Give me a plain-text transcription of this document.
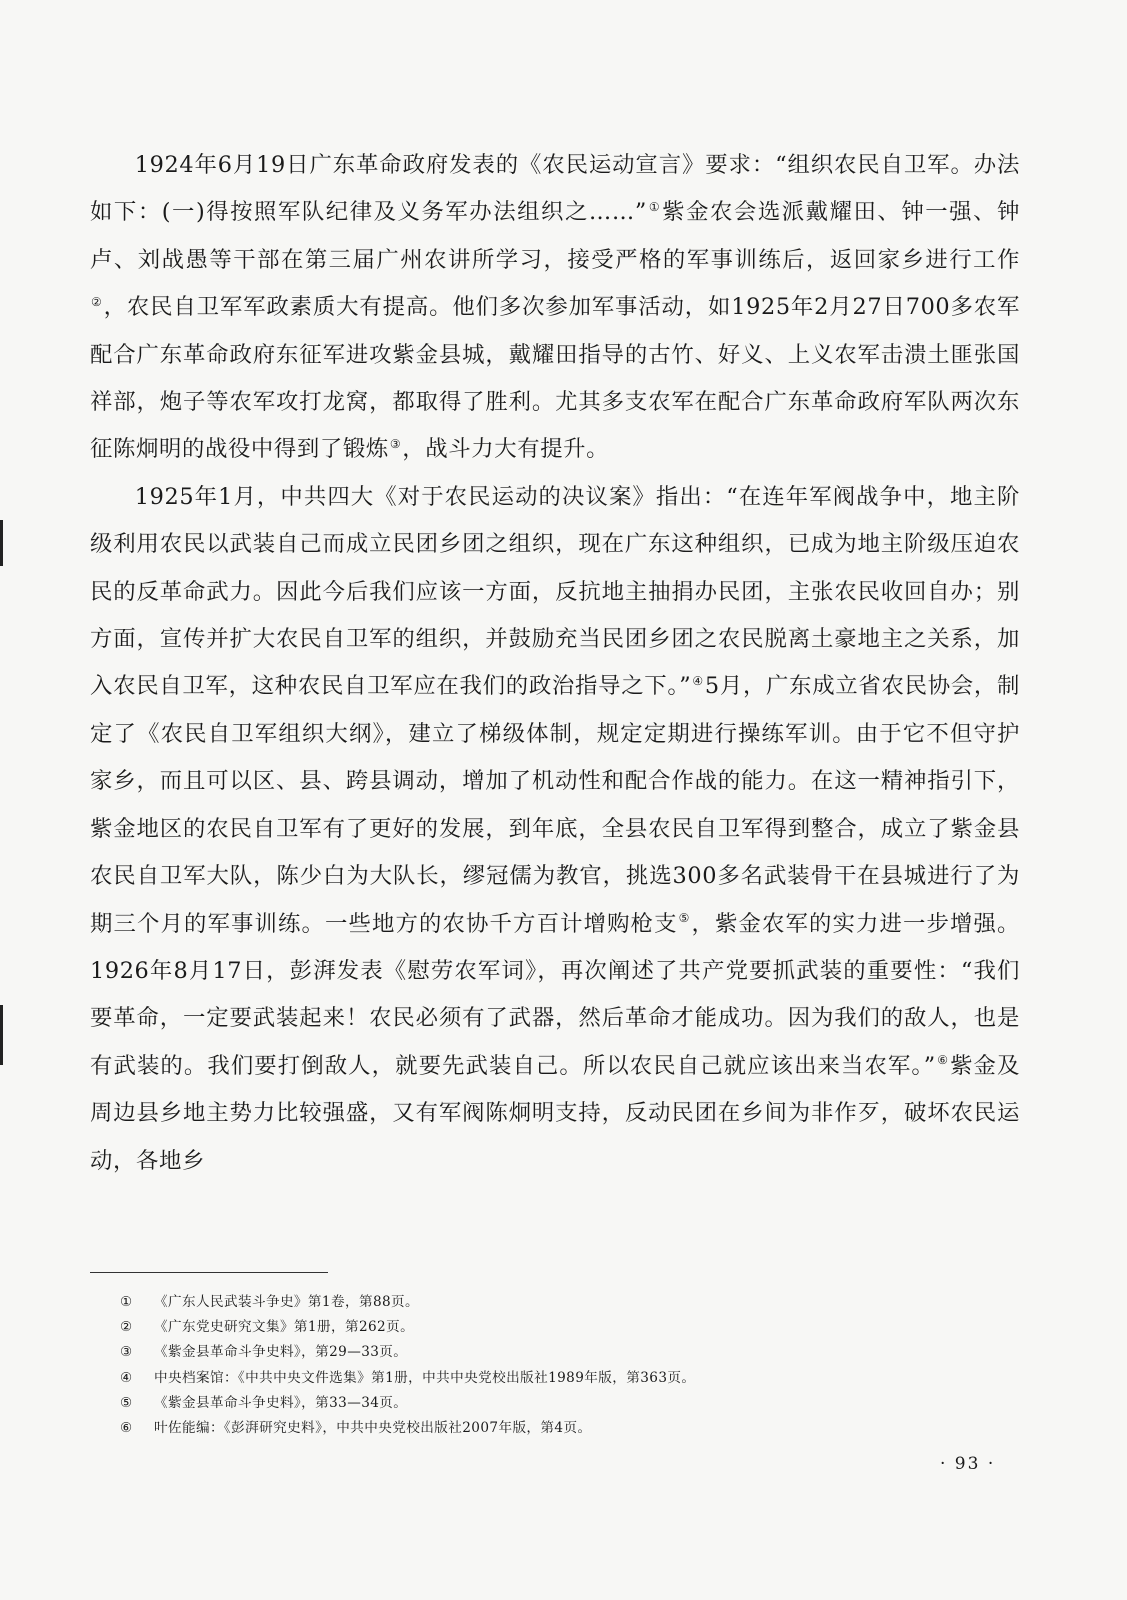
1924年6月19日广东革命政府发表的《农民运动宣言》要求：“组织农民自卫军。办法如下：(一)得按照军队纪律及义务军办法组织之……”①紫金农会选派戴耀田、钟一强、钟卢、刘战愚等干部在第三届广州农讲所学习，接受严格的军事训练后，返回家乡进行工作②，农民自卫军军政素质大有提高。他们多次参加军事活动，如1925年2月27日700多农军配合广东革命政府东征军进攻紫金县城，戴耀田指导的古竹、好义、上义农军击溃土匪张国祥部，炮子等农军攻打龙窝，都取得了胜利。尤其多支农军在配合广东革命政府军队两次东征陈炯明的战役中得到了锻炼③，战斗力大有提升。

1925年1月，中共四大《对于农民运动的决议案》指出：“在连年军阀战争中，地主阶级利用农民以武装自己而成立民团乡团之组织，现在广东这种组织，已成为地主阶级压迫农民的反革命武力。因此今后我们应该一方面，反抗地主抽捐办民团，主张农民收回自办；别方面，宣传并扩大农民自卫军的组织，并鼓励充当民团乡团之农民脱离土豪地主之关系，加入农民自卫军，这种农民自卫军应在我们的政治指导之下。”④5月，广东成立省农民协会，制定了《农民自卫军组织大纲》，建立了梯级体制，规定定期进行操练军训。由于它不但守护家乡，而且可以区、县、跨县调动，增加了机动性和配合作战的能力。在这一精神指引下，紫金地区的农民自卫军有了更好的发展，到年底，全县农民自卫军得到整合，成立了紫金县农民自卫军大队，陈少白为大队长，缪冠儒为教官，挑选300多名武装骨干在县城进行了为期三个月的军事训练。一些地方的农协千方百计增购枪支⑤，紫金农军的实力进一步增强。1926年8月17日，彭湃发表《慰劳农军词》，再次阐述了共产党要抓武装的重要性：“我们要革命，一定要武装起来！农民必须有了武器，然后革命才能成功。因为我们的敌人，也是有武装的。我们要打倒敌人，就要先武装自己。所以农民自己就应该出来当农军。”⑥紫金及周边县乡地主势力比较强盛，又有军阀陈炯明支持，反动民团在乡间为非作歹，破坏农民运动，各地乡

① 《广东人民武装斗争史》第1卷，第88页。
② 《广东党史研究文集》第1册，第262页。
③ 《紫金县革命斗争史料》，第29—33页。
④ 中央档案馆：《中共中央文件选集》第1册，中共中央党校出版社1989年版，第363页。
⑤ 《紫金县革命斗争史料》，第33—34页。
⑥ 叶佐能编：《彭湃研究史料》，中共中央党校出版社2007年版，第4页。
· 93 ·
